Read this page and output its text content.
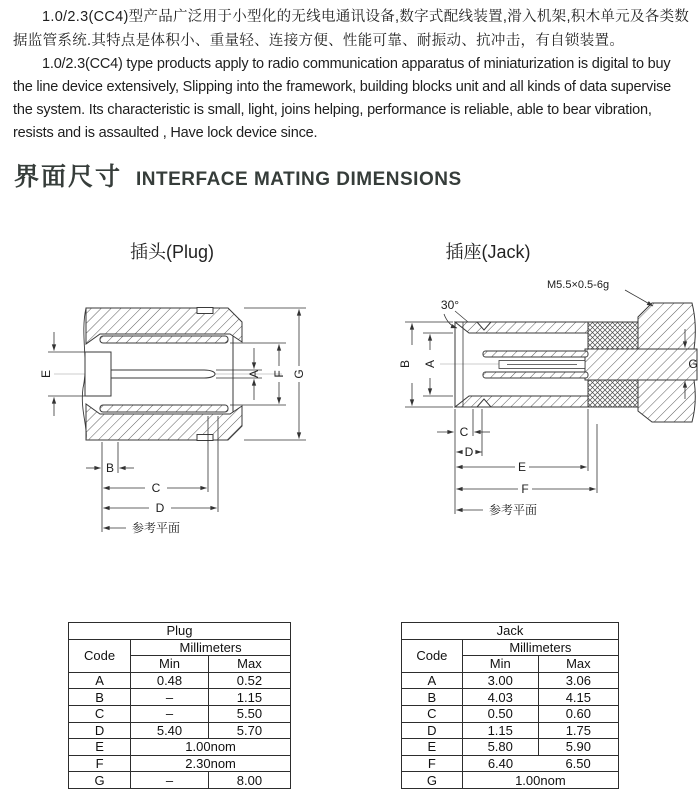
1.0/2.3(CC4)型产品广泛用于小型化的无线电通讯设备,数字式配线装置,滑入机架,积木单元及各类数据监管系统.其特点是体积小、重量轻、连接方便、性能可靠、耐振动、抗冲击，有自锁装置。

1.0/2.3(CC4) type products apply to radio communication apparatus of miniaturization is digital to buy the line device extensively, Slipping into the framework, building blocks unit and all kinds of data supervise the system. Its characteristic is small, light, joins helping, performance is reliable, able to bear vibration, resists and is assaulted , Have lock device since.

界面尺寸 INTERFACE MATING DIMENSIONS
插头(Plug)	插座(Jack)
E	A F G
B
C
D
参考平面
M5.5×0.5-6g
30°
B A	G
C
D
E
F
参考平面
Plug		
Code	Millimeters	
	Min	Max
A	0.48	0.52
B	–	1.15
C	–	5.50
D	5.40	5.70
E	1.00nom	
F	2.30nom	
G	–	8.00
Jack		
Code	Millimeters	
	Min	Max
A	3.00	3.06
B	4.03	4.15
C	0.50	0.60
D	1.15	1.75
E	5.80	5.90
F	6.40	6.50
G	1.00nom	
